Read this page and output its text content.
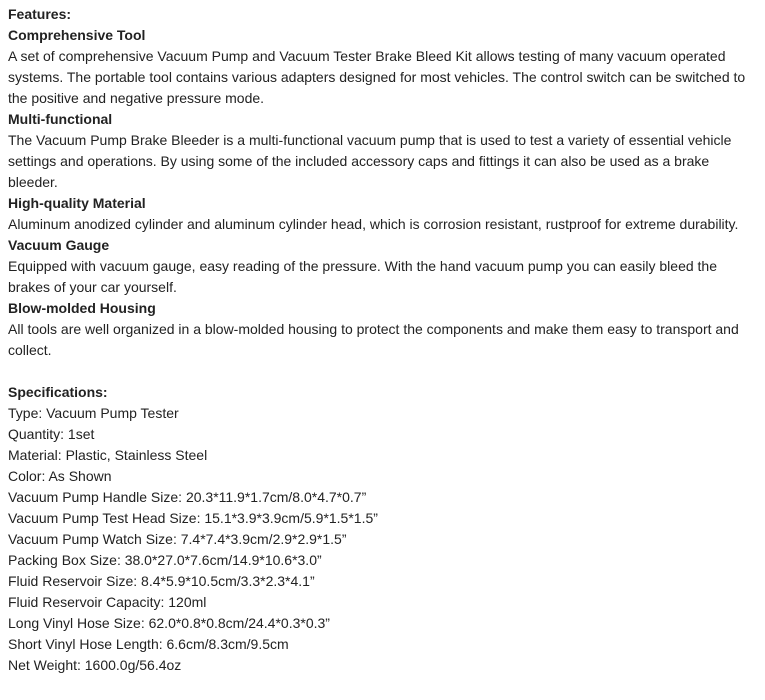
Features:
Comprehensive Tool

A set of comprehensive Vacuum Pump and Vacuum Tester Brake Bleed Kit allows testing of many vacuum operated systems. The portable tool contains various adapters designed for most vehicles. The control switch can be switched to the positive and negative pressure mode.

Multi-functional

The Vacuum Pump Brake Bleeder is a multi-functional vacuum pump that is used to test a variety of essential vehicle settings and operations. By using some of the included accessory caps and fittings it can also be used as a brake bleeder.

High-quality Material

Aluminum anodized cylinder and aluminum cylinder head, which is corrosion resistant, rustproof for extreme durability.

Vacuum Gauge

Equipped with vacuum gauge, easy reading of the pressure. With the hand vacuum pump you can easily bleed the brakes of your car yourself.

Blow-molded Housing

All tools are well organized in a blow-molded housing to protect the components and make them easy to transport and collect.

Specifications:
Type: Vacuum Pump Tester
Quantity: 1set
Material: Plastic, Stainless Steel
Color: As Shown
Vacuum Pump Handle Size: 20.3*11.9*1.7cm/8.0*4.7*0.7”
Vacuum Pump Test Head Size: 15.1*3.9*3.9cm/5.9*1.5*1.5”
Vacuum Pump Watch Size: 7.4*7.4*3.9cm/2.9*2.9*1.5”
Packing Box Size: 38.0*27.0*7.6cm/14.9*10.6*3.0”
Fluid Reservoir Size: 8.4*5.9*10.5cm/3.3*2.3*4.1”
Fluid Reservoir Capacity: 120ml
Long Vinyl Hose Size: 62.0*0.8*0.8cm/24.4*0.3*0.3”
Short Vinyl Hose Length: 6.6cm/8.3cm/9.5cm
Net Weight: 1600.0g/56.4oz
